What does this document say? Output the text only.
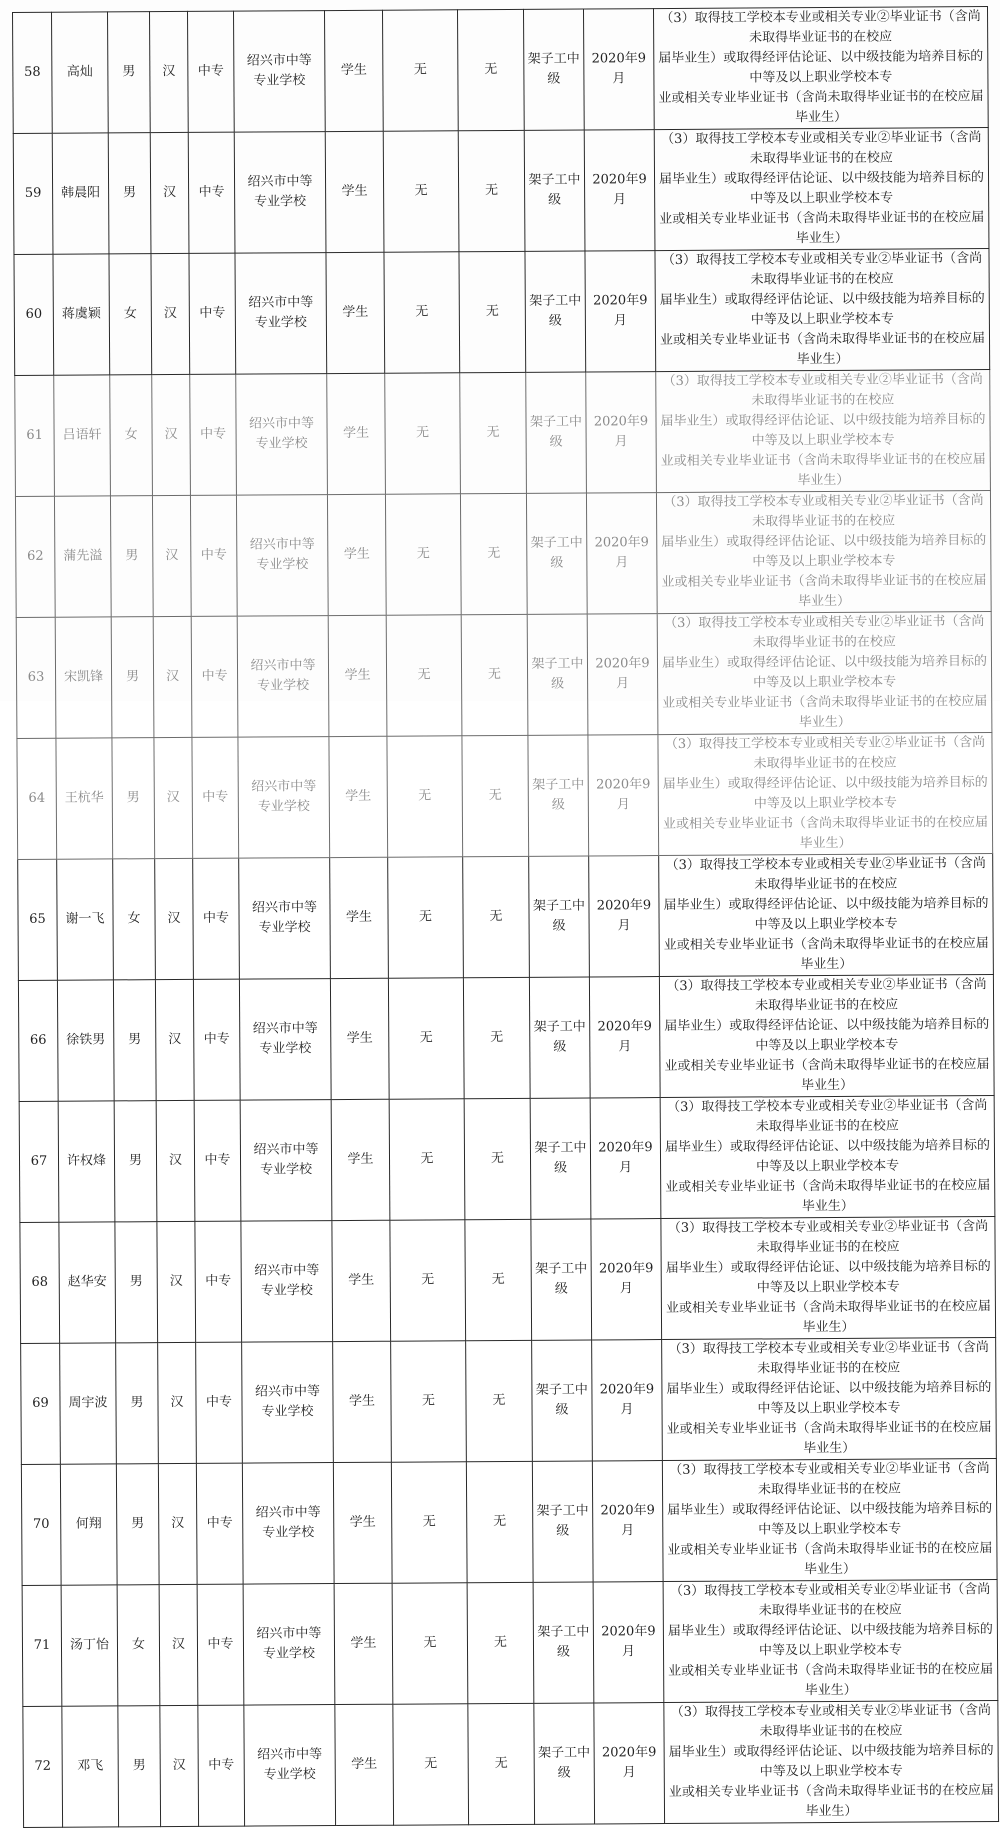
58	高灿	男	汉	中专	绍兴市中等
专业学校	学生	无	无	架子工中
级	2020年9月	（3）取得技工学校本专业或相关专业②毕业证书（含尚未取得毕业证书的在校应
届毕业生）或取得经评估论证、以中级技能为培养目标的中等及以上职业学校本专
业或相关专业毕业证书（含尚未取得毕业证书的在校应届毕业生）
59	韩晨阳	男	汉	中专	绍兴市中等
专业学校	学生	无	无	架子工中
级	2020年9月	（3）取得技工学校本专业或相关专业②毕业证书（含尚未取得毕业证书的在校应
届毕业生）或取得经评估论证、以中级技能为培养目标的中等及以上职业学校本专
业或相关专业毕业证书（含尚未取得毕业证书的在校应届毕业生）
60	蒋虞颖	女	汉	中专	绍兴市中等
专业学校	学生	无	无	架子工中
级	2020年9月	（3）取得技工学校本专业或相关专业②毕业证书（含尚未取得毕业证书的在校应
届毕业生）或取得经评估论证、以中级技能为培养目标的中等及以上职业学校本专
业或相关专业毕业证书（含尚未取得毕业证书的在校应届毕业生）
61	吕语轩	女	汉	中专	绍兴市中等
专业学校	学生	无	无	架子工中
级	2020年9月	（3）取得技工学校本专业或相关专业②毕业证书（含尚未取得毕业证书的在校应
届毕业生）或取得经评估论证、以中级技能为培养目标的中等及以上职业学校本专
业或相关专业毕业证书（含尚未取得毕业证书的在校应届毕业生）
62	蒲先溢	男	汉	中专	绍兴市中等
专业学校	学生	无	无	架子工中
级	2020年9月	（3）取得技工学校本专业或相关专业②毕业证书（含尚未取得毕业证书的在校应
届毕业生）或取得经评估论证、以中级技能为培养目标的中等及以上职业学校本专
业或相关专业毕业证书（含尚未取得毕业证书的在校应届毕业生）
63	宋凯锋	男	汉	中专	绍兴市中等
专业学校	学生	无	无	架子工中
级	2020年9月	（3）取得技工学校本专业或相关专业②毕业证书（含尚未取得毕业证书的在校应
届毕业生）或取得经评估论证、以中级技能为培养目标的中等及以上职业学校本专
业或相关专业毕业证书（含尚未取得毕业证书的在校应届毕业生）
64	王杭华	男	汉	中专	绍兴市中等
专业学校	学生	无	无	架子工中
级	2020年9月	（3）取得技工学校本专业或相关专业②毕业证书（含尚未取得毕业证书的在校应
届毕业生）或取得经评估论证、以中级技能为培养目标的中等及以上职业学校本专
业或相关专业毕业证书（含尚未取得毕业证书的在校应届毕业生）
65	谢一飞	女	汉	中专	绍兴市中等
专业学校	学生	无	无	架子工中
级	2020年9月	（3）取得技工学校本专业或相关专业②毕业证书（含尚未取得毕业证书的在校应
届毕业生）或取得经评估论证、以中级技能为培养目标的中等及以上职业学校本专
业或相关专业毕业证书（含尚未取得毕业证书的在校应届毕业生）
66	徐铁男	男	汉	中专	绍兴市中等
专业学校	学生	无	无	架子工中
级	2020年9月	（3）取得技工学校本专业或相关专业②毕业证书（含尚未取得毕业证书的在校应
届毕业生）或取得经评估论证、以中级技能为培养目标的中等及以上职业学校本专
业或相关专业毕业证书（含尚未取得毕业证书的在校应届毕业生）
67	许权烽	男	汉	中专	绍兴市中等
专业学校	学生	无	无	架子工中
级	2020年9月	（3）取得技工学校本专业或相关专业②毕业证书（含尚未取得毕业证书的在校应
届毕业生）或取得经评估论证、以中级技能为培养目标的中等及以上职业学校本专
业或相关专业毕业证书（含尚未取得毕业证书的在校应届毕业生）
68	赵华安	男	汉	中专	绍兴市中等
专业学校	学生	无	无	架子工中
级	2020年9月	（3）取得技工学校本专业或相关专业②毕业证书（含尚未取得毕业证书的在校应
届毕业生）或取得经评估论证、以中级技能为培养目标的中等及以上职业学校本专
业或相关专业毕业证书（含尚未取得毕业证书的在校应届毕业生）
69	周宇波	男	汉	中专	绍兴市中等
专业学校	学生	无	无	架子工中
级	2020年9月	（3）取得技工学校本专业或相关专业②毕业证书（含尚未取得毕业证书的在校应
届毕业生）或取得经评估论证、以中级技能为培养目标的中等及以上职业学校本专
业或相关专业毕业证书（含尚未取得毕业证书的在校应届毕业生）
70	何翔	男	汉	中专	绍兴市中等
专业学校	学生	无	无	架子工中
级	2020年9月	（3）取得技工学校本专业或相关专业②毕业证书（含尚未取得毕业证书的在校应
届毕业生）或取得经评估论证、以中级技能为培养目标的中等及以上职业学校本专
业或相关专业毕业证书（含尚未取得毕业证书的在校应届毕业生）
71	汤丁怡	女	汉	中专	绍兴市中等
专业学校	学生	无	无	架子工中
级	2020年9月	（3）取得技工学校本专业或相关专业②毕业证书（含尚未取得毕业证书的在校应
届毕业生）或取得经评估论证、以中级技能为培养目标的中等及以上职业学校本专
业或相关专业毕业证书（含尚未取得毕业证书的在校应届毕业生）
72	邓飞	男	汉	中专	绍兴市中等
专业学校	学生	无	无	架子工中
级	2020年9月	（3）取得技工学校本专业或相关专业②毕业证书（含尚未取得毕业证书的在校应
届毕业生）或取得经评估论证、以中级技能为培养目标的中等及以上职业学校本专
业或相关专业毕业证书（含尚未取得毕业证书的在校应届毕业生）
